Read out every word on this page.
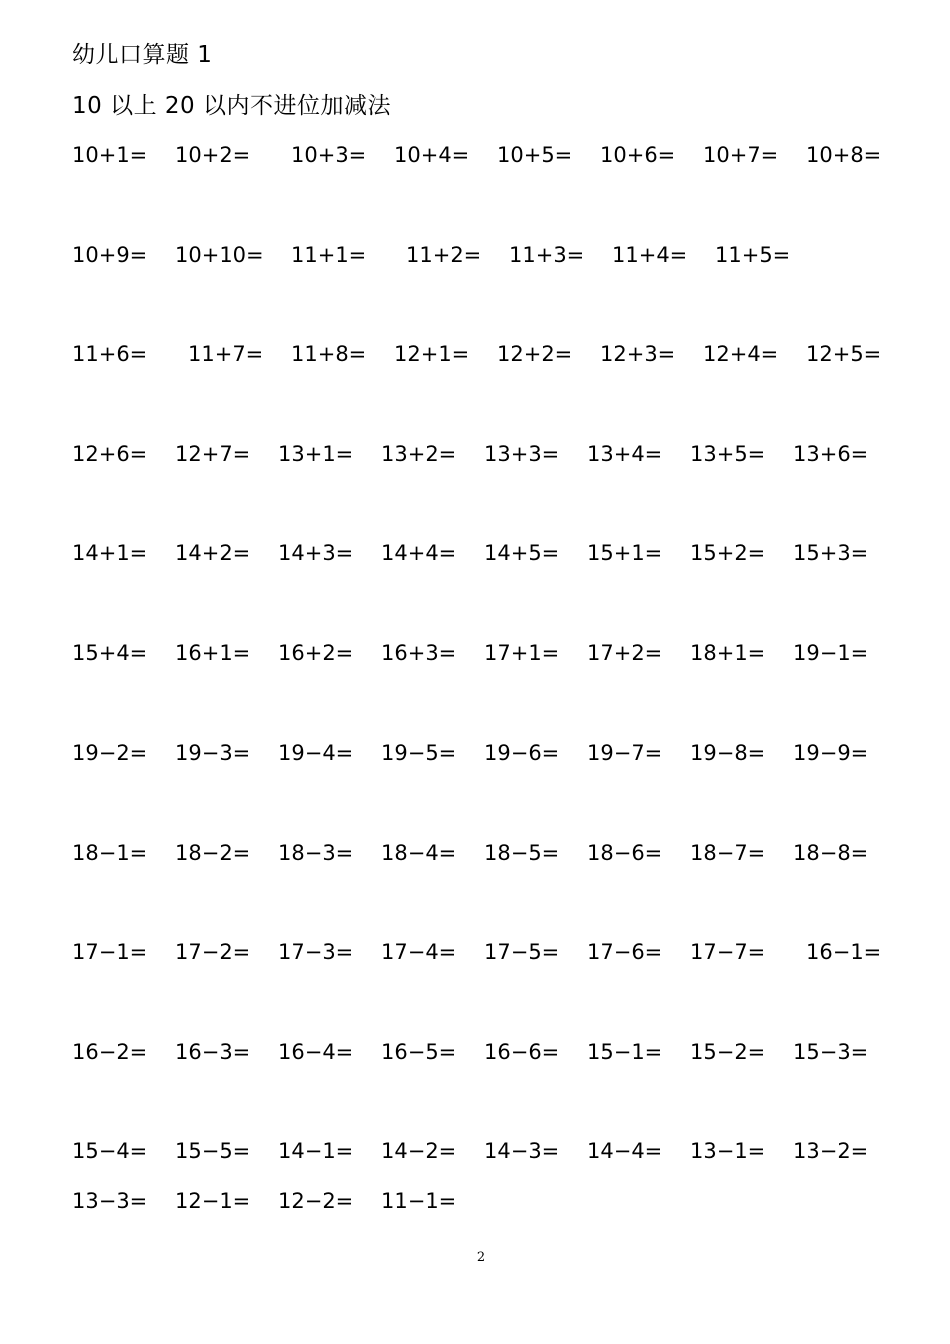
幼儿口算题 1
10 以上 20 以内不进位加减法
10+1= 10+2= 10+3= 10+4= 10+5= 10+6= 10+7= 10+8=
10+9= 10+10= 11+1= 11+2= 11+3= 11+4= 11+5=
11+6= 11+7= 11+8= 12+1= 12+2= 12+3= 12+4= 12+5=
12+6= 12+7= 13+1= 13+2= 13+3= 13+4= 13+5= 13+6=
14+1= 14+2= 14+3= 14+4= 14+5= 15+1= 15+2= 15+3=
15+4= 16+1= 16+2= 16+3= 17+1= 17+2= 18+1= 19−1=
19−2= 19−3= 19−4= 19−5= 19−6= 19−7= 19−8= 19−9=
18−1= 18−2= 18−3= 18−4= 18−5= 18−6= 18−7= 18−8=
17−1= 17−2= 17−3= 17−4= 17−5= 17−6= 17−7= 16−1=
16−2= 16−3= 16−4= 16−5= 16−6= 15−1= 15−2= 15−3=
15−4= 15−5= 14−1= 14−2= 14−3= 14−4= 13−1= 13−2=
13−3= 12−1= 12−2= 11−1=
2
